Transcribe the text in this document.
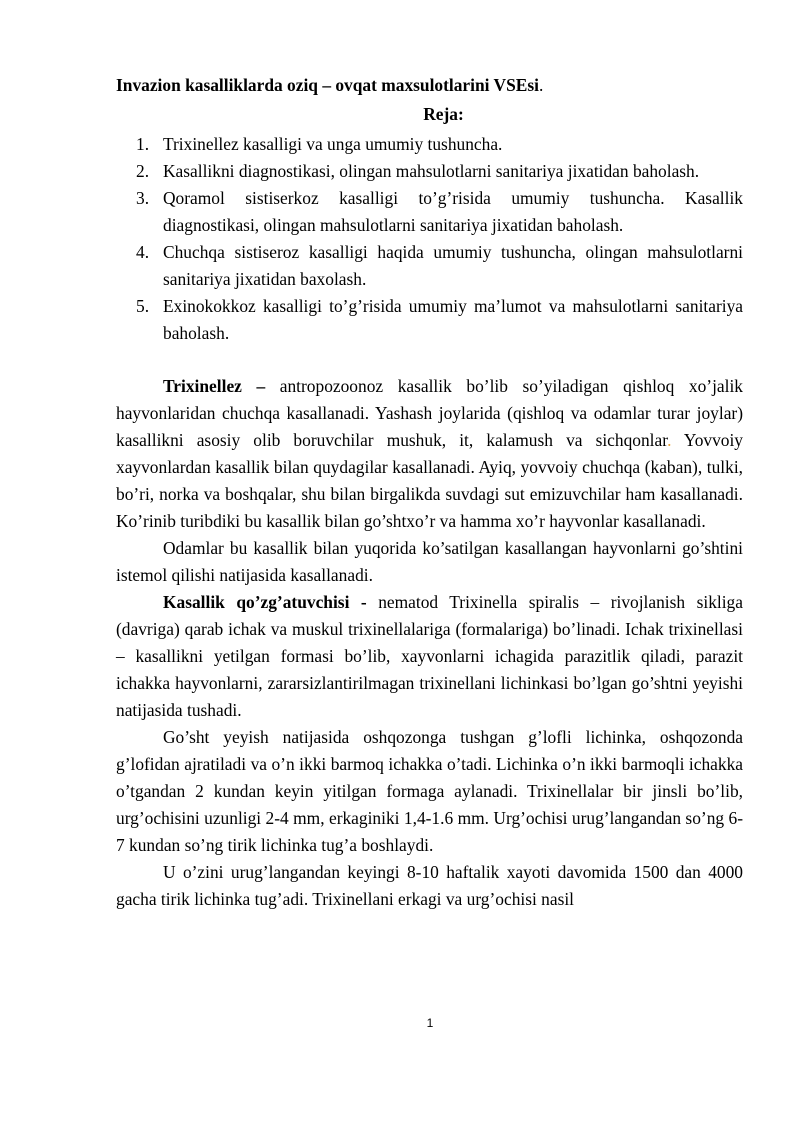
Invazion kasalliklarda oziq – ovqat maxsulotlarini VSEsi.

Reja:

1. Trixinellez kasalligi va unga umumiy tushuncha.
2. Kasallikni diagnostikasi, olingan mahsulotlarni sanitariya jixatidan baholash.
3. Qoramol sistiserkoz kasalligi to’g’risida umumiy tushuncha. Kasallik diagnostikasi, olingan mahsulotlarni sanitariya jixatidan baholash.
4. Chuchqa sistiseroz kasalligi haqida umumiy tushuncha, olingan mahsulotlarni sanitariya jixatidan baxolash.
5. Exinokokkoz kasalligi to’g’risida umumiy ma’lumot va mahsulotlarni sanitariya baholash.

Trixinellez – antropozoonoz kasallik bo’lib so’yiladigan qishloq xo’jalik hayvonlaridan chuchqa kasallanadi. Yashash joylarida (qishloq va odamlar turar joylar) kasallikni asosiy olib boruvchilar mushuk, it, kalamush va sichqonlar. Yovvoiy xayvonlardan kasallik bilan quydagilar kasallanadi. Ayiq, yovvoiy chuchqa (kaban), tulki, bo’ri, norka va boshqalar, shu bilan birgalikda suvdagi sut emizuvchilar ham kasallanadi. Ko’rinib turibdiki bu kasallik bilan go’shtxo’r va hamma xo’r hayvonlar kasallanadi.

Odamlar bu kasallik bilan yuqorida ko’satilgan kasallangan hayvonlarni go’shtini istemol qilishi natijasida kasallanadi.

Kasallik qo’zg’atuvchisi - nematod Trixinella spiralis – rivojlanish sikliga (davriga) qarab ichak va muskul trixinellalariga (formalariga) bo’linadi. Ichak trixinellasi – kasallikni yetilgan formasi bo’lib, xayvonlarni ichagida parazitlik qiladi, parazit ichakka hayvonlarni, zararsizlantirilmagan trixinellani lichinkasi bo’lgan go’shtni yeyishi natijasida tushadi.

Go’sht yeyish natijasida oshqozonga tushgan g’lofli lichinka, oshqozonda g’lofidan ajratiladi va o’n ikki barmoq ichakka o’tadi. Lichinka o’n ikki barmoqli ichakka o’tgandan 2 kundan keyin yitilgan formaga aylanadi. Trixinellalar bir jinsli bo’lib, urg’ochisini uzunligi 2-4 mm, erkaginiki 1,4-1.6 mm. Urg’ochisi urug’langandan so’ng 6-7 kundan so’ng tirik lichinka tug’a boshlaydi.

U o’zini urug’langandan keyingi 8-10 haftalik xayoti davomida 1500 dan 4000 gacha tirik lichinka tug’adi. Trixinellani erkagi va urg’ochisi nasil

1
